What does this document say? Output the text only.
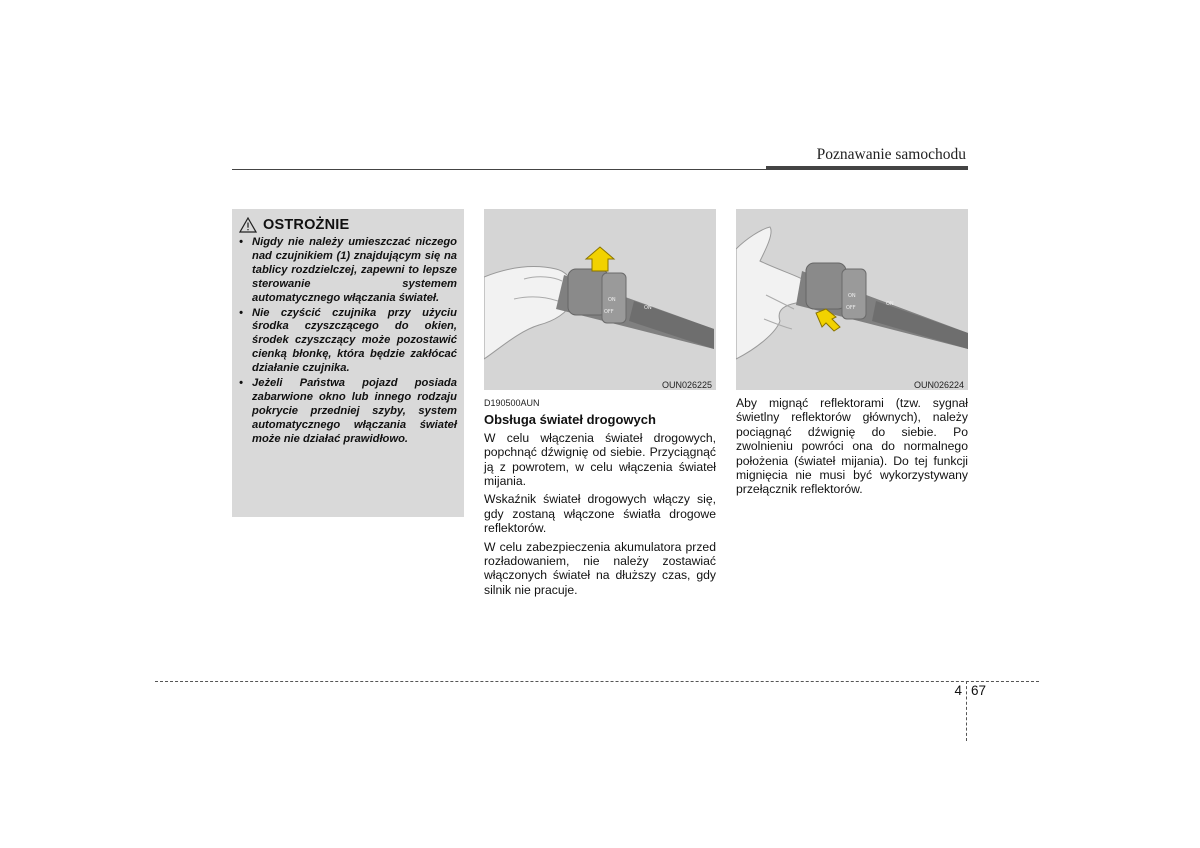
Poznawanie samochodu
OSTROŻNIE
• Nigdy nie należy umieszczać niczego nad czujnikiem (1) znajdującym się na tablicy rozdzielczej, zapewni to lepsze sterowanie systemem automatycznego włączania świateł.
• Nie czyścić czujnika przy użyciu środka czyszczącego do okien, środek czyszczący może pozostawić cienką błonkę, która będzie zakłócać działanie czujnika.
• Jeżeli Państwa pojazd posiada zabarwione okno lub innego rodzaju pokrycie przedniej szyby, system automatycznego włączania świateł może nie działać prawidłowo.
ON
OFF
ON
OUN026225
ON
OFF
ON
OUN026224
D190500AUN
Obsługa świateł drogowych

W celu włączenia świateł drogowych, popchnąć dźwignię od siebie. Przyciągnąć ją z powrotem, w celu włączenia świateł mijania.

Wskaźnik świateł drogowych włączy się, gdy zostaną włączone światła drogowe reflektorów.

W celu zabezpieczenia akumulatora przed rozładowaniem, nie należy zostawiać włączonych świateł na dłuższy czas, gdy silnik nie pracuje.

Aby mignąć reflektorami (tzw. sygnał świetlny reflektorów głównych), należy pociągnąć dźwignię do siebie. Po zwolnieniu powróci ona do normalnego położenia (świateł mijania). Do tej funkcji mignięcia nie musi być wykorzystywany przełącznik reflektorów.

4 67
